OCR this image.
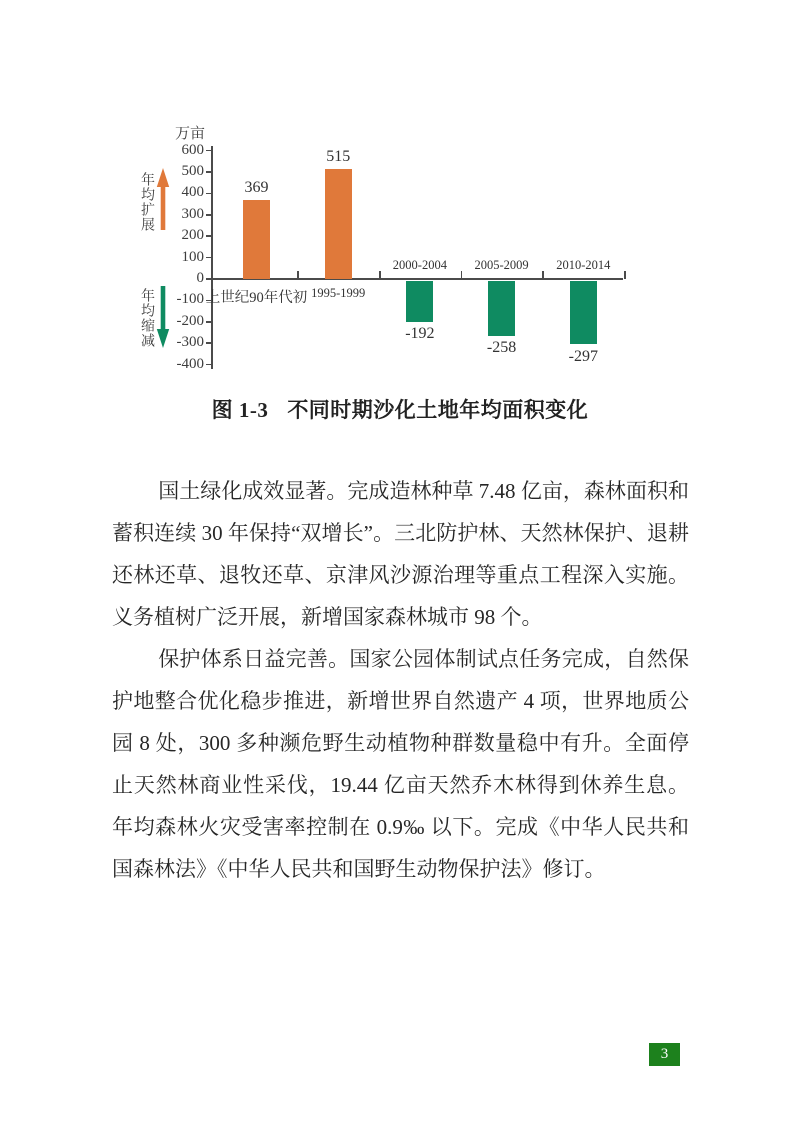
万亩
年均扩展
年均缩减
600
500
400
300
200
100
0
-100
-200
-300
-400
369
上世纪90年代初
515
1995-1999
-192
2000-2004
-258
2005-2009
-297
2010-2014
图 1-3 不同时期沙化土地年均面积变化

国土绿化成效显著。完成造林种草 7.48 亿亩，森林面积和蓄积连续 30 年保持“双增长”。三北防护林、天然林保护、退耕还林还草、退牧还草、京津风沙源治理等重点工程深入实施。义务植树广泛开展，新增国家森林城市 98 个。

保护体系日益完善。国家公园体制试点任务完成，自然保护地整合优化稳步推进，新增世界自然遗产 4 项，世界地质公园 8 处，300 多种濒危野生动植物种群数量稳中有升。全面停止天然林商业性采伐，19.44 亿亩天然乔木林得到休养生息。年均森林火灾受害率控制在 0.9‰ 以下。完成《中华人民共和国森林法》《中华人民共和国野生动物保护法》修订。

3
